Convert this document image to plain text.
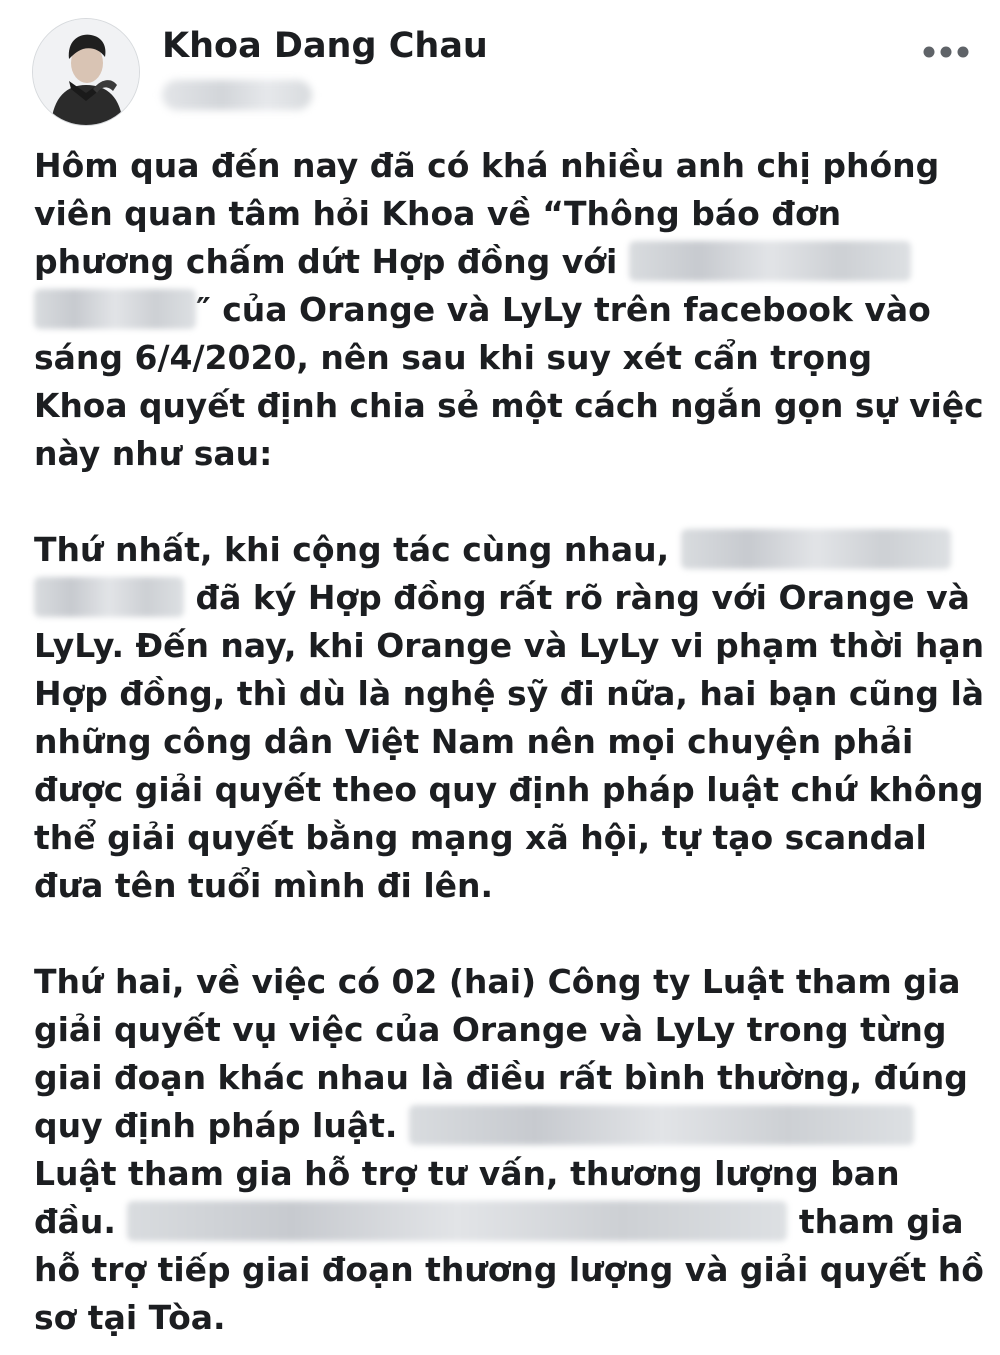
Khoa Dang Chau
Hôm qua đến nay đã có khá nhiều anh chị phóng
viên quan tâm hỏi Khoa về “Thông báo đơn
phương chấm dứt Hợp đồng với
″ của Orange và LyLy trên facebook vào
sáng 6/4/2020, nên sau khi suy xét cẩn trọng
Khoa quyết định chia sẻ một cách ngắn gọn sự việc
này như sau:
Thứ nhất, khi cộng tác cùng nhau,
đã ký Hợp đồng rất rõ ràng với Orange và
LyLy. Đến nay, khi Orange và LyLy vi phạm thời hạn
Hợp đồng, thì dù là nghệ sỹ đi nữa, hai bạn cũng là
những công dân Việt Nam nên mọi chuyện phải
được giải quyết theo quy định pháp luật chứ không
thể giải quyết bằng mạng xã hội, tự tạo scandal
đưa tên tuổi mình đi lên.
Thứ hai, về việc có 02 (hai) Công ty Luật tham gia
giải quyết vụ việc của Orange và LyLy trong từng
giai đoạn khác nhau là điều rất bình thường, đúng
quy định pháp luật.
Luật tham gia hỗ trợ tư vấn, thương lượng ban
đầu.	tham gia
hỗ trợ tiếp giai đoạn thương lượng và giải quyết hồ
sơ tại Tòa.
